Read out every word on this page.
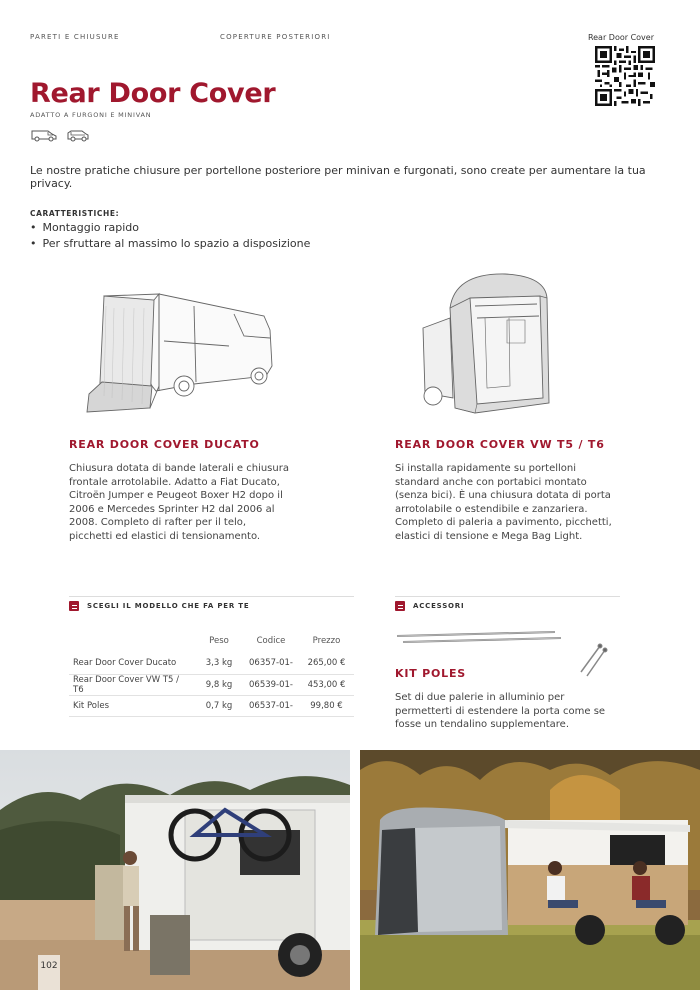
PARETI E CHIUSURE	COPERTURE POSTERIORI	Rear Door Cover
Rear Door Cover
ADATTO A FURGONI E MINIVAN
Le nostre pratiche chiusure per portellone posteriore per minivan e furgonati, sono create per aumentare la tua privacy.
CARATTERISTICHE:
• Montaggio rapido
• Per sfruttare al massimo lo spazio a disposizione
REAR DOOR COVER DUCATO
Chiusura dotata di bande laterali e chiusura frontale arrotolabile. Adatto a Fiat Ducato, Citroën Jumper e Peugeot Boxer H2 dopo il 2006 e Mercedes Sprinter H2 dal 2006 al 2008. Completo di rafter per il telo, picchetti ed elastici di tensionamento.
REAR DOOR COVER VW T5 / T6
Si installa rapidamente su portelloni standard anche con portabici montato (senza bici). È una chiusura dotata di porta arrotolabile o estendibile e zanzariera. Completo di paleria a pavimento, picchetti, elastici di tensione e Mega Bag Light.
SCEGLI IL MODELLO CHE FA PER TE
	Peso	Codice	Prezzo
Rear Door Cover Ducato	3,3 kg	06357-01-	265,00 €
Rear Door Cover VW T5 / T6	9,8 kg	06539-01-	453,00 €
Kit Poles	0,7 kg	06537-01-	99,80 €
ACCESSORI
KIT POLES
Set di due palerie in alluminio per permetterti di estendere la porta come se fosse un tendalino supplementare.
102
